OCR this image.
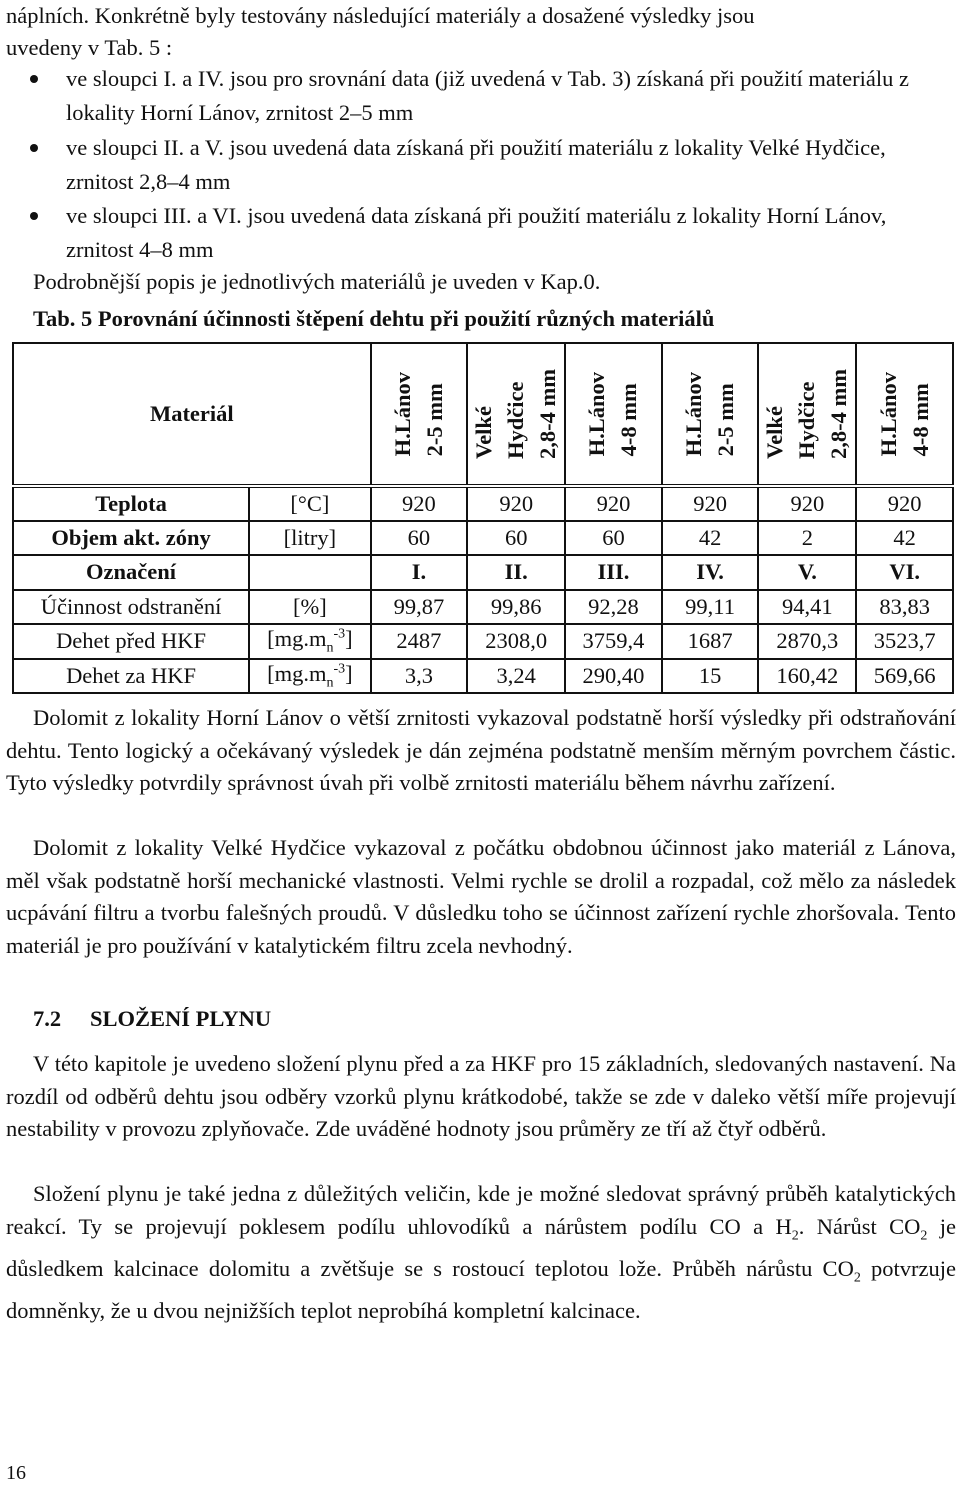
náplních. Konkrétně byly testovány následující materiály a dosažené výsledky jsou

uvedeny v Tab. 5 :

ve sloupci I. a IV. jsou pro srovnání data (již uvedená v Tab. 3) získaná při použití materiálu z lokality Horní Lánov, zrnitost 2–5 mm
ve sloupci II. a V. jsou uvedená data získaná při použití materiálu z lokality Velké Hydčice, zrnitost 2,8–4 mm
ve sloupci III. a VI. jsou uvedená data získaná při použití materiálu z lokality Horní Lánov, zrnitost 4–8 mm

Podrobnější popis je jednotlivých materiálů je uveden v Kap.0.

Tab. 5 Porovnání účinnosti štěpení dehtu při použití různých materiálů

Materiál		H.Lánov 2-5 mm	Velké Hydčice 2,8-4 mm	H.Lánov 4-8 mm	H.Lánov 2-5 mm	Velké Hydčice 2,8-4 mm	H.Lánov 4-8 mm

Teplota	[°C]	920	920	920	920	920	920
Objem akt. zóny	[litry]	60	60	60	42	2	42
Označení		I.	II.	III.	IV.	V.	VI.
Účinnost odstranění	[%]	99,87	99,86	92,28	99,11	94,41	83,83
Dehet před HKF	$[mg.m_n^{-3}]$	2487	2308,0	3759,4	1687	2870,3	3523,7
Dehet za HKF	$[mg.m_n^{-3}]$	3,3	3,24	290,40	15	160,42	569,66

Dolomit z lokality Horní Lánov o větší zrnitosti vykazoval podstatně horší výsledky při odstraňování dehtu. Tento logický a očekávaný výsledek je dán zejména podstatně menším měrným povrchem částic. Tyto výsledky potvrdily správnost úvah při volbě zrnitosti materiálu během návrhu zařízení.

Dolomit z lokality Velké Hydčice vykazoval z počátku obdobnou účinnost jako materiál z Lánova, měl však podstatně horší mechanické vlastnosti. Velmi rychle se drolil a rozpadal, což mělo za následek ucpávání filtru a tvorbu falešných proudů. V důsledku toho se účinnost zařízení rychle zhoršovala. Tento materiál je pro používání v katalytickém filtru zcela nevhodný.

7.2 SLOŽENÍ PLYNU

V této kapitole je uvedeno složení plynu před a za HKF pro 15 základních, sledovaných nastavení. Na rozdíl od odběrů dehtu jsou odběry vzorků plynu krátkodobé, takže se zde v daleko větší míře projevují nestability v provozu zplyňovače. Zde uváděné hodnoty jsou průměry ze tří až čtyř odběrů.

Složení plynu je také jedna z důležitých veličin, kde je možné sledovat správný průběh katalytických reakcí. Ty se projevují poklesem podílu uhlovodíků a nárůstem podílu CO a $H_2$. Nárůst $CO_2$ je důsledkem kalcinace dolomitu a zvětšuje se s rostoucí teplotou lože. Průběh nárůstu $CO_2$ potvrzuje domněnky, že u dvou nejnižších teplot neprobíhá kompletní kalcinace.

16
